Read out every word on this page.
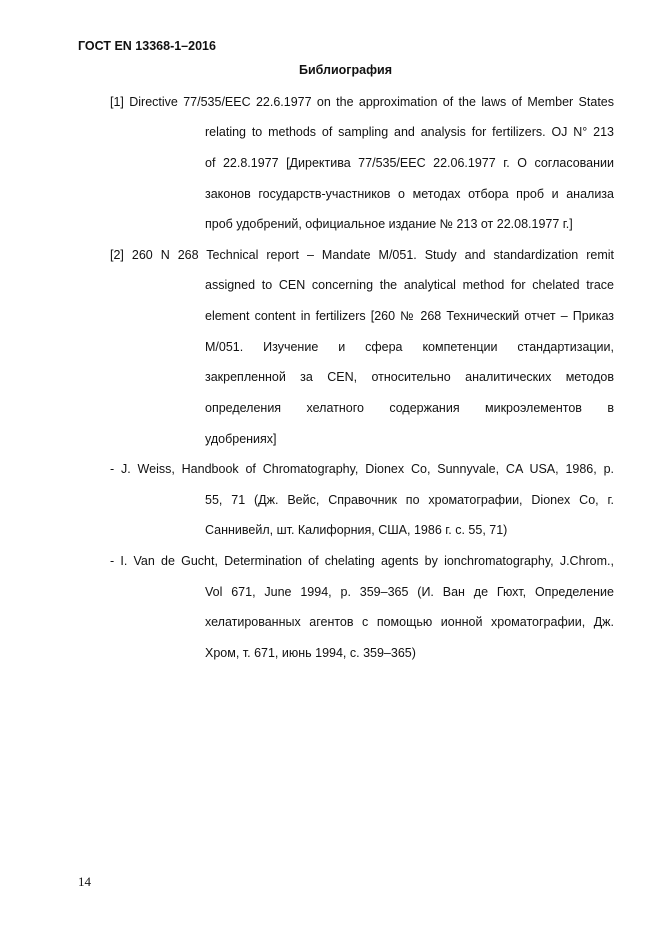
ГОСТ EN 13368-1–2016
Библиография
[1] Directive 77/535/EEC 22.6.1977 on the approximation of the laws of Member States
relating to methods of sampling and analysis for fertilizers. OJ N° 213
of 22.8.1977 [Директива 77/535/ЕЕС 22.06.1977 г. О согласовании
законов государств-участников о методах отбора проб и анализа
проб удобрений, официальное издание № 213 от 22.08.1977 г.]
[2] 260 N 268 Technical report – Mandate M/051. Study and standardization remit
assigned to CEN concerning the analytical method for chelated trace
element content in fertilizers [260 № 268 Технический отчет – Приказ
М/051. Изучение и сфера компетенции стандартизации,
закрепленной за CEN, относительно аналитических методов
определения хелатного содержания микроэлементов в
удобрениях]
- J. Weiss, Handbook of Chromatography, Dionex Co, Sunnyvale, CA USA, 1986, p.
55, 71 (Дж. Вейс, Справочник по хроматографии, Dionex Co, г.
Саннивейл, шт. Калифорния, США, 1986 г. с. 55, 71)
- I. Van de Gucht, Determination of chelating agents by ionchromatography, J.Chrom.,
Vol 671, June 1994, p. 359–365 (И. Ван де Гюхт, Определение
хелатированных агентов с помощью ионной хроматографии, Дж.
Хром, т. 671, июнь 1994, с. 359–365)
14
